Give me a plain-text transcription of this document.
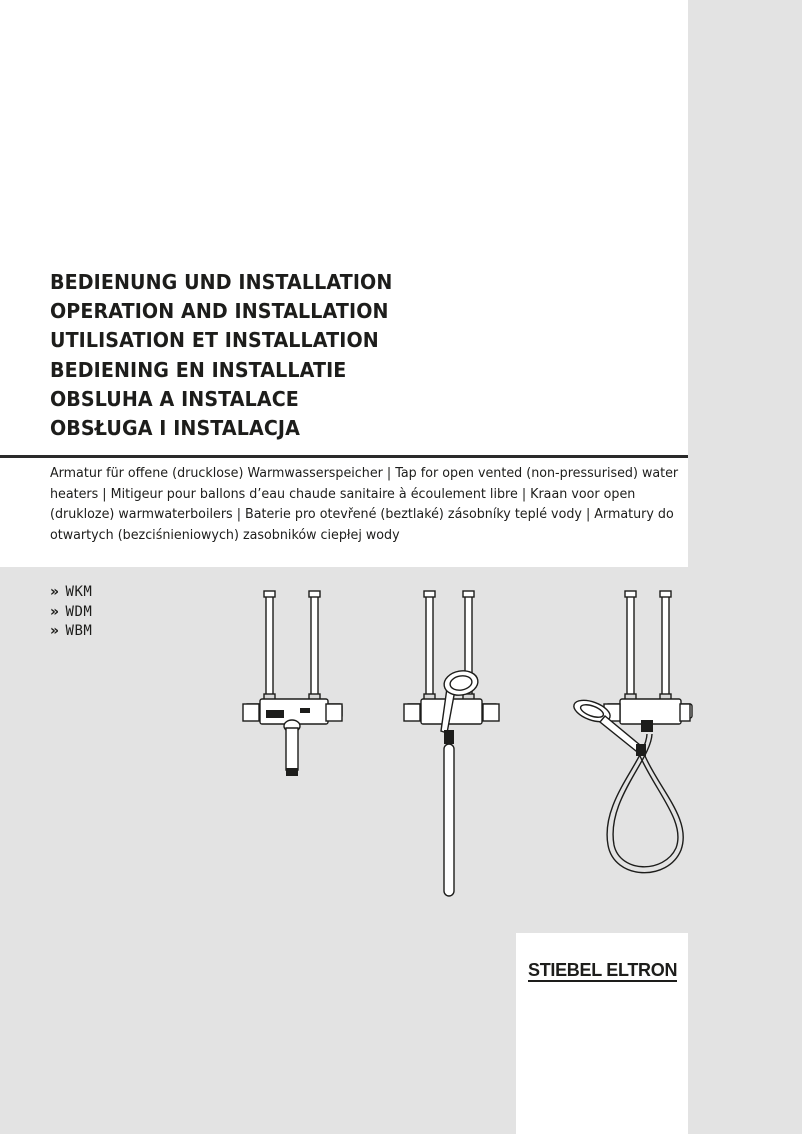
BEDIENUNG UND INSTALLATION
OPERATION AND INSTALLATION
UTILISATION ET INSTALLATION
BEDIENING EN INSTALLATIE
OBSLUHA A INSTALACE
OBSŁUGA I INSTALACJA
Armatur für offene (drucklose) Warmwasserspeicher | Tap for open vented (non-pressurised) water heaters | Mitigeur pour ballons d’eau chaude sanitaire à écoulement libre | Kraan voor open (drukloze) warmwaterboilers | Baterie pro otevřené (beztlaké) zásobníky teplé vody | Armatury do otwartych (bezciśnieniowych) zasobników ciepłej wody
» WKM
» WDM
» WBM
STIEBEL ELTRON
